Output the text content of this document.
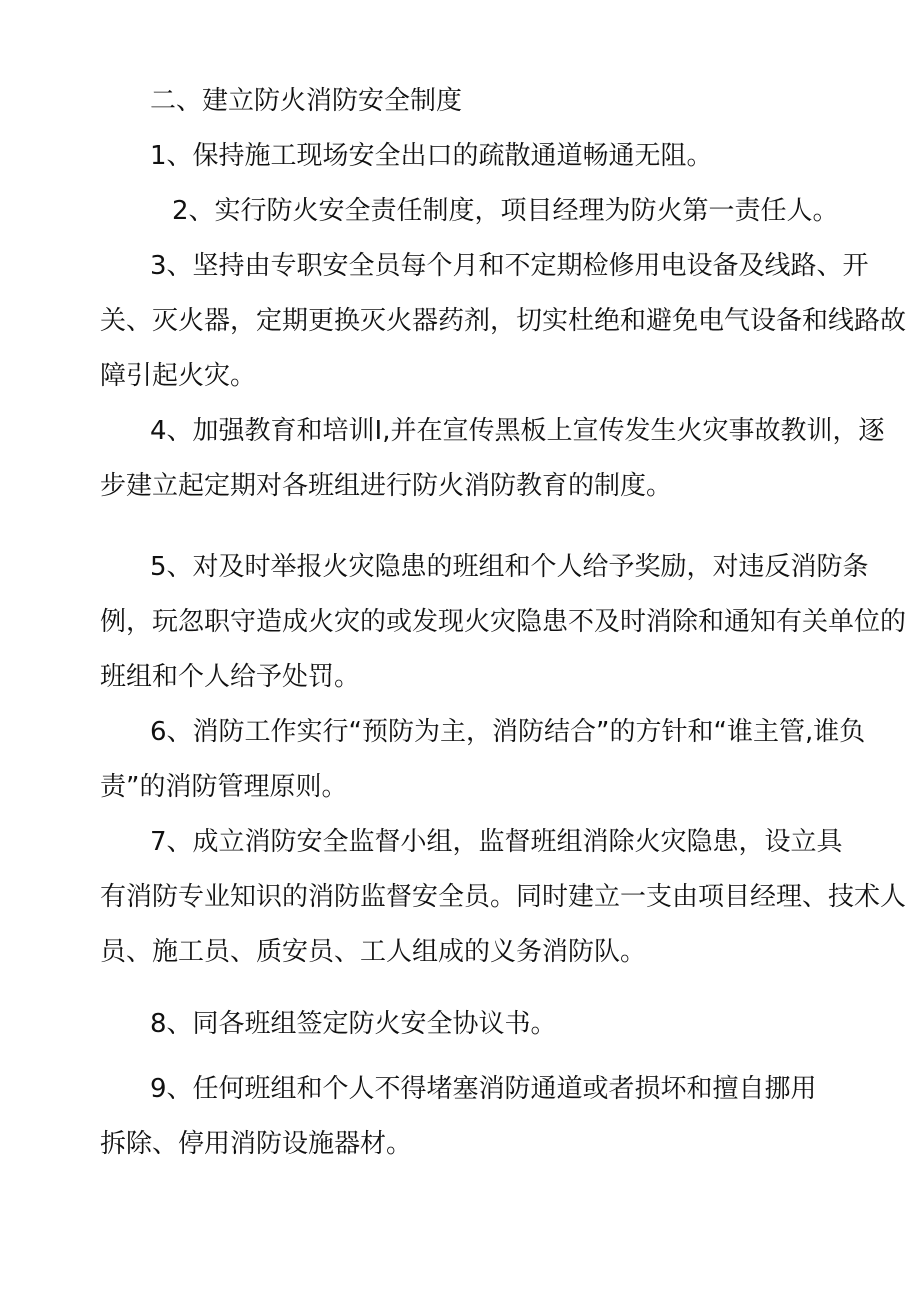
二、建立防火消防安全制度
1、保持施工现场安全出口的疏散通道畅通无阻。
2、实行防火安全责任制度，项目经理为防火第一责任人。
3、坚持由专职安全员每个月和不定期检修用电设备及线路、开
关、灭火器，定期更换灭火器药剂，切实杜绝和避免电气设备和线路故
障引起火灾。
4、加强教育和培训I,并在宣传黑板上宣传发生火灾事故教训，逐
步建立起定期对各班组进行防火消防教育的制度。
5、对及时举报火灾隐患的班组和个人给予奖励，对违反消防条
例，玩忽职守造成火灾的或发现火灾隐患不及时消除和通知有关单位的
班组和个人给予处罚。
6、消防工作实行“预防为主，消防结合”的方针和“谁主管,谁负
责”的消防管理原则。
7、成立消防安全监督小组，监督班组消除火灾隐患，设立具
有消防专业知识的消防监督安全员。同时建立一支由项目经理、技术人
员、施工员、质安员、工人组成的义务消防队。
8、同各班组签定防火安全协议书。
9、任何班组和个人不得堵塞消防通道或者损坏和擅自挪用
拆除、停用消防设施器材。
